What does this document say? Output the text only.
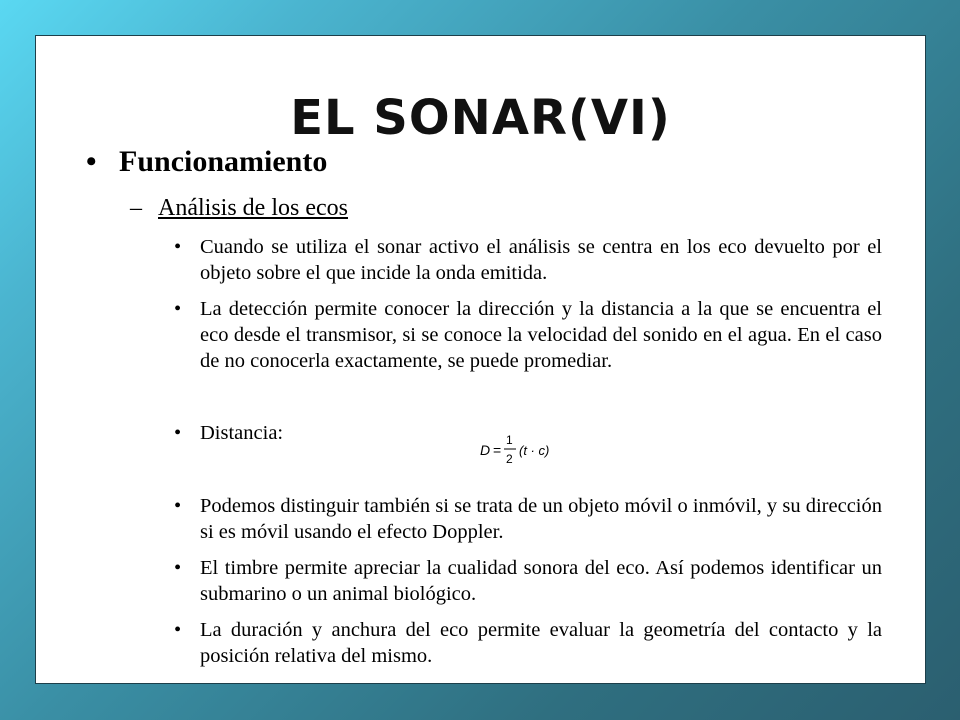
EL SONAR(VI)
• Funcionamiento
– Análisis de los ecos
• Cuando se utiliza el sonar activo el análisis se centra en los eco devuelto por el objeto sobre el que incide la onda emitida.
• La detección permite conocer la dirección y la distancia a la que se encuentra el eco desde el transmisor, si se conoce la velocidad del sonido en el agua. En el caso de no conocerla exactamente, se puede promediar.
• Distancia:
D =
1
2
(t · c)
• Podemos distinguir también si se trata de un objeto móvil o inmóvil, y su dirección si es móvil usando el efecto Doppler.
• El timbre permite apreciar la cualidad sonora del eco. Así podemos identificar un submarino o un animal biológico.
• La duración y anchura del eco permite evaluar la geometría del contacto y la posición relativa del mismo.
